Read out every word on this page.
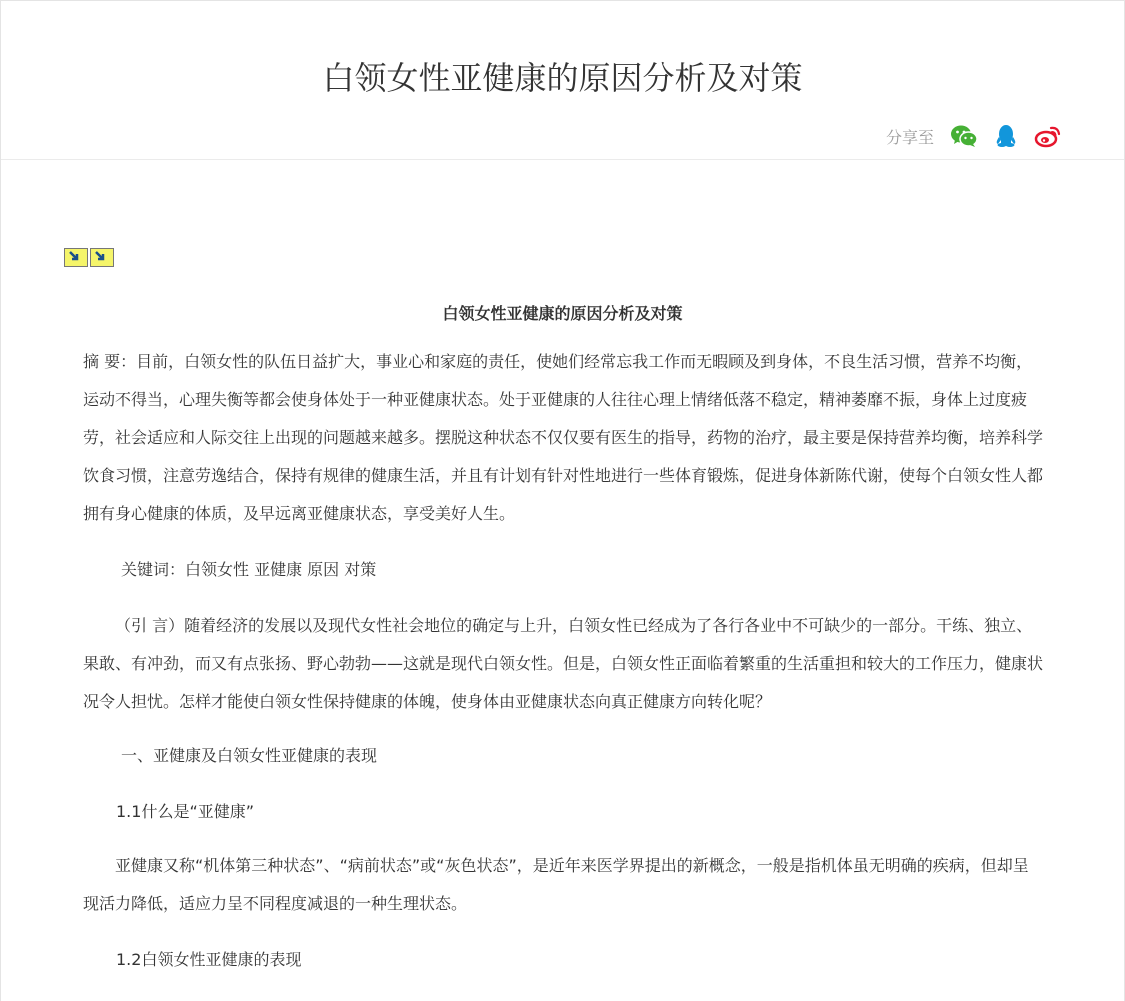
白领女性亚健康的原因分析及对策
分享至
白领女性亚健康的原因分析及对策

摘 要：目前，白领女性的队伍日益扩大，事业心和家庭的责任，使她们经常忘我工作而无暇顾及到身体，不良生活习惯，营养不均衡，运动不得当，心理失衡等都会使身体处于一种亚健康状态。处于亚健康的人往往心理上情绪低落不稳定，精神萎靡不振，身体上过度疲劳，社会适应和人际交往上出现的问题越来越多。摆脱这种状态不仅仅要有医生的指导，药物的治疗，最主要是保持营养均衡，培养科学饮食习惯，注意劳逸结合，保持有规律的健康生活，并且有计划有针对性地进行一些体育锻炼，促进身体新陈代谢，使每个白领女性人都拥有身心健康的体质，及早远离亚健康状态，享受美好人生。

关键词：白领女性 亚健康 原因 对策

（引 言）随着经济的发展以及现代女性社会地位的确定与上升，白领女性已经成为了各行各业中不可缺少的一部分。干练、独立、果敢、有冲劲，而又有点张扬、野心勃勃——这就是现代白领女性。但是，白领女性正面临着繁重的生活重担和较大的工作压力，健康状况令人担忧。怎样才能使白领女性保持健康的体魄，使身体由亚健康状态向真正健康方向转化呢？

一、亚健康及白领女性亚健康的表现

1.1什么是“亚健康”

亚健康又称“机体第三种状态”、“病前状态”或“灰色状态”，是近年来医学界提出的新概念，一般是指机体虽无明确的疾病，但却呈现活力降低，适应力呈不同程度减退的一种生理状态。

1.2白领女性亚健康的表现
